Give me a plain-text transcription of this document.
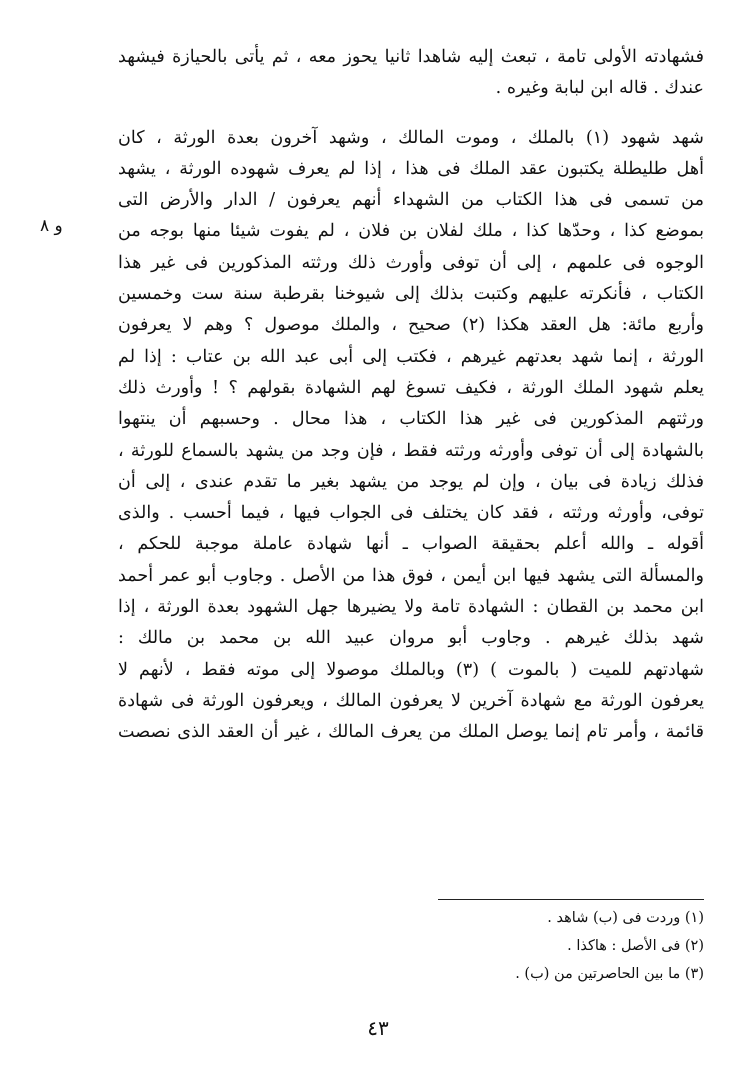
فشهادته الأولى تامة ، تبعث إليه شاهدا ثانيا يحوز معه ، ثم يأتى بالحيازة فيشهد
عندك . قاله ابن لبابة وغيره .
شهد شهود (١) بالملك ، وموت المالك ، وشهد آخرون بعدة الورثة ، كان
أهل طليطلة يكتبون عقد الملك فى هذا ، إذا لم يعرف شهوده الورثة ، يشهد
من تسمى فى هذا الكتاب من الشهداء أنهم يعرفون / الدار والأرض التى
بموضع كذا ، وحدّها كذا ، ملك لفلان بن فلان ، لم يفوت شيئا منها بوجه من
الوجوه فى علمهم ، إلى أن توفى وأورث ذلك ورثته المذكورين فى غير هذا
الكتاب ، فأنكرته عليهم وكتبت بذلك إلى شيوخنا بقرطبة سنة ست وخمسين
وأربع مائة: هل العقد هكذا (٢) صحيح ، والملك موصول ؟ وهم لا يعرفون
الورثة ، إنما شهد بعدتهم غيرهم ، فكتب إلى أبى عبد الله بن عتاب : إذا لم
يعلم شهود الملك الورثة ، فكيف تسوغ لهم الشهادة بقولهم ؟ ! وأورث ذلك
ورثتهم المذكورين فى غير هذا الكتاب ، هذا محال . وحسبهم أن ينتهوا
بالشهادة إلى أن توفى وأورثه ورثته فقط ، فإن وجد من يشهد بالسماع للورثة ،
فذلك زيادة فى بيان ، وإن لم يوجد من يشهد بغير ما تقدم عندى ، إلى أن
توفى، وأورثه ورثته ، فقد كان يختلف فى الجواب فيها ، فيما أحسب . والذى
أقوله ـ والله أعلم بحقيقة الصواب ـ أنها شهادة عاملة موجبة للحكم ،
والمسألة التى يشهد فيها ابن أيمن ، فوق هذا من الأصل . وجاوب أبو عمر أحمد
ابن محمد بن القطان : الشهادة تامة ولا يضيرها جهل الشهود بعدة الورثة ، إذا
شهد بذلك غيرهم . وجاوب أبو مروان عبيد الله بن محمد بن مالك :
شهادتهم للميت ( بالموت ) (٣) وبالملك موصولا إلى موته فقط ، لأنهم لا
يعرفون الورثة مع شهادة آخرين لا يعرفون المالك ، ويعرفون الورثة فى شهادة
قائمة ، وأمر تام إنما يوصل الملك من يعرف المالك ، غير أن العقد الذى نصصت
و ٨
(١) وردت فى (ب) شاهد .
(٢) فى الأصل : هاكذا .
(٣) ما بين الحاصرتين من (ب) .
٤٣
